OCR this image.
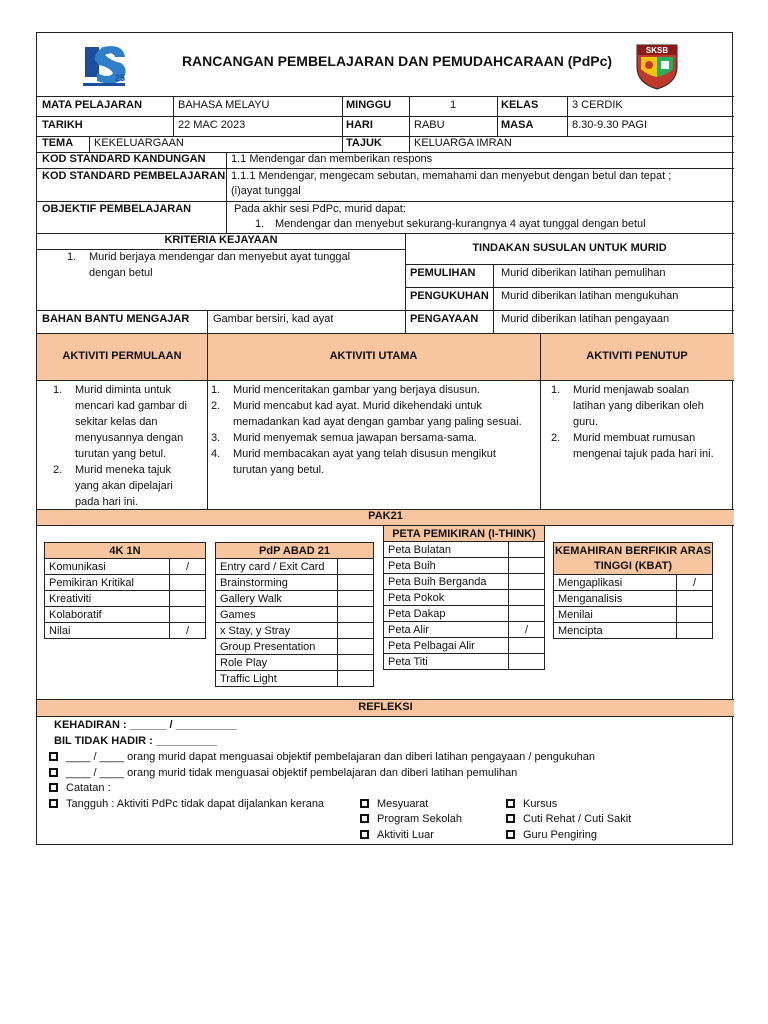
25
RANCANGAN PEMBELAJARAN DAN PEMUDAHCARAAN (PdPc)
SKSB
MATA PELAJARAN	BAHASA MELAYU	MINGGU	1	KELAS	3 CERDIK
TARIKH	22 MAC 2023	HARI	RABU	MASA	8.30-9.30 PAGI
TEMA KEKELUARGAAN	TAJUK	KELUARGA IMRAN
KOD STANDARD KANDUNGAN 1.1 Mendengar dan memberikan respons
KOD STANDARD PEMBELAJARAN 1.1.1 Mendengar, mengecam sebutan, memahami dan menyebut dengan betul dan tepat ;
(i)ayat tunggal
OBJEKTIF PEMBELAJARAN	Pada akhir sesi PdPc, murid dapat:
1. Mendengar dan menyebut sekurang-kurangnya 4 ayat tunggal dengan betul
KRITERIA KEJAYAAN
1. Murid berjaya mendengar dan menyebut ayat tunggal
dengan betul
TINDAKAN SUSULAN UNTUK MURID
PEMULIHAN Murid diberikan latihan pemulihan
PENGUKUHAN Murid diberikan latihan mengukuhan
BAHAN BANTU MENGAJAR Gambar bersiri, kad ayat	PENGAYAAN Murid diberikan latihan pengayaan
AKTIVITI PERMULAAN	AKTIVITI UTAMA	AKTIVITI PENUTUP
1.	Murid diminta untuk
mencari kad gambar di
sekitar kelas dan
menyusannya dengan
turutan yang betul.
2.	Murid meneka tajuk
yang akan dipelajari
pada hari ini.
1.	Murid menceritakan gambar yang berjaya disusun.
2.	Murid mencabut kad ayat. Murid dikehendaki untuk
memadankan kad ayat dengan gambar yang paling sesuai.
3.	Murid menyemak semua jawapan bersama-sama.
4.	Murid membacakan ayat yang telah disusun mengikut
turutan yang betul.
1.	Murid menjawab soalan
latihan yang diberikan oleh
guru.
2.	Murid membuat rumusan
mengenai tajuk pada hari ini.
PAK21
4K 1N	
Komunikasi	/
Pemikiran Kritikal	
Kreativiti	
Kolaboratif	
Nilai	/
PdP ABAD 21	
Entry card / Exit Card	
Brainstorming	
Gallery Walk	
Games	
x Stay, y Stray	
Group Presentation	
Role Play	
Traffic Light	
PETA PEMIKIRAN (I-THINK)	
Peta Bulatan	
Peta Buih	
Peta Buih Berganda	
Peta Pokok	
Peta Dakap	
Peta Alir	/
Peta Pelbagai Alir	
Peta Titi	
KEMAHIRAN BERFIKIR ARAS
TINGGI (KBAT)	
Mengaplikasi	/
Menganalisis	
Menilai	
Mencipta	
REFLEKSI
KEHADIRAN : ______ / __________
BIL TIDAK HADIR : __________
____ / ____ orang murid dapat menguasai objektif pembelajaran dan diberi latihan pengayaan / pengukuhan
____ / ____ orang murid tidak menguasai objektif pembelajaran dan diberi latihan pemulihan
Catatan :
Tangguh : Aktiviti PdPc tidak dapat dijalankan kerana	Mesyuarat
Program Sekolah
Aktiviti Luar
Kursus
Cuti Rehat / Cuti Sakit
Guru Pengiring
